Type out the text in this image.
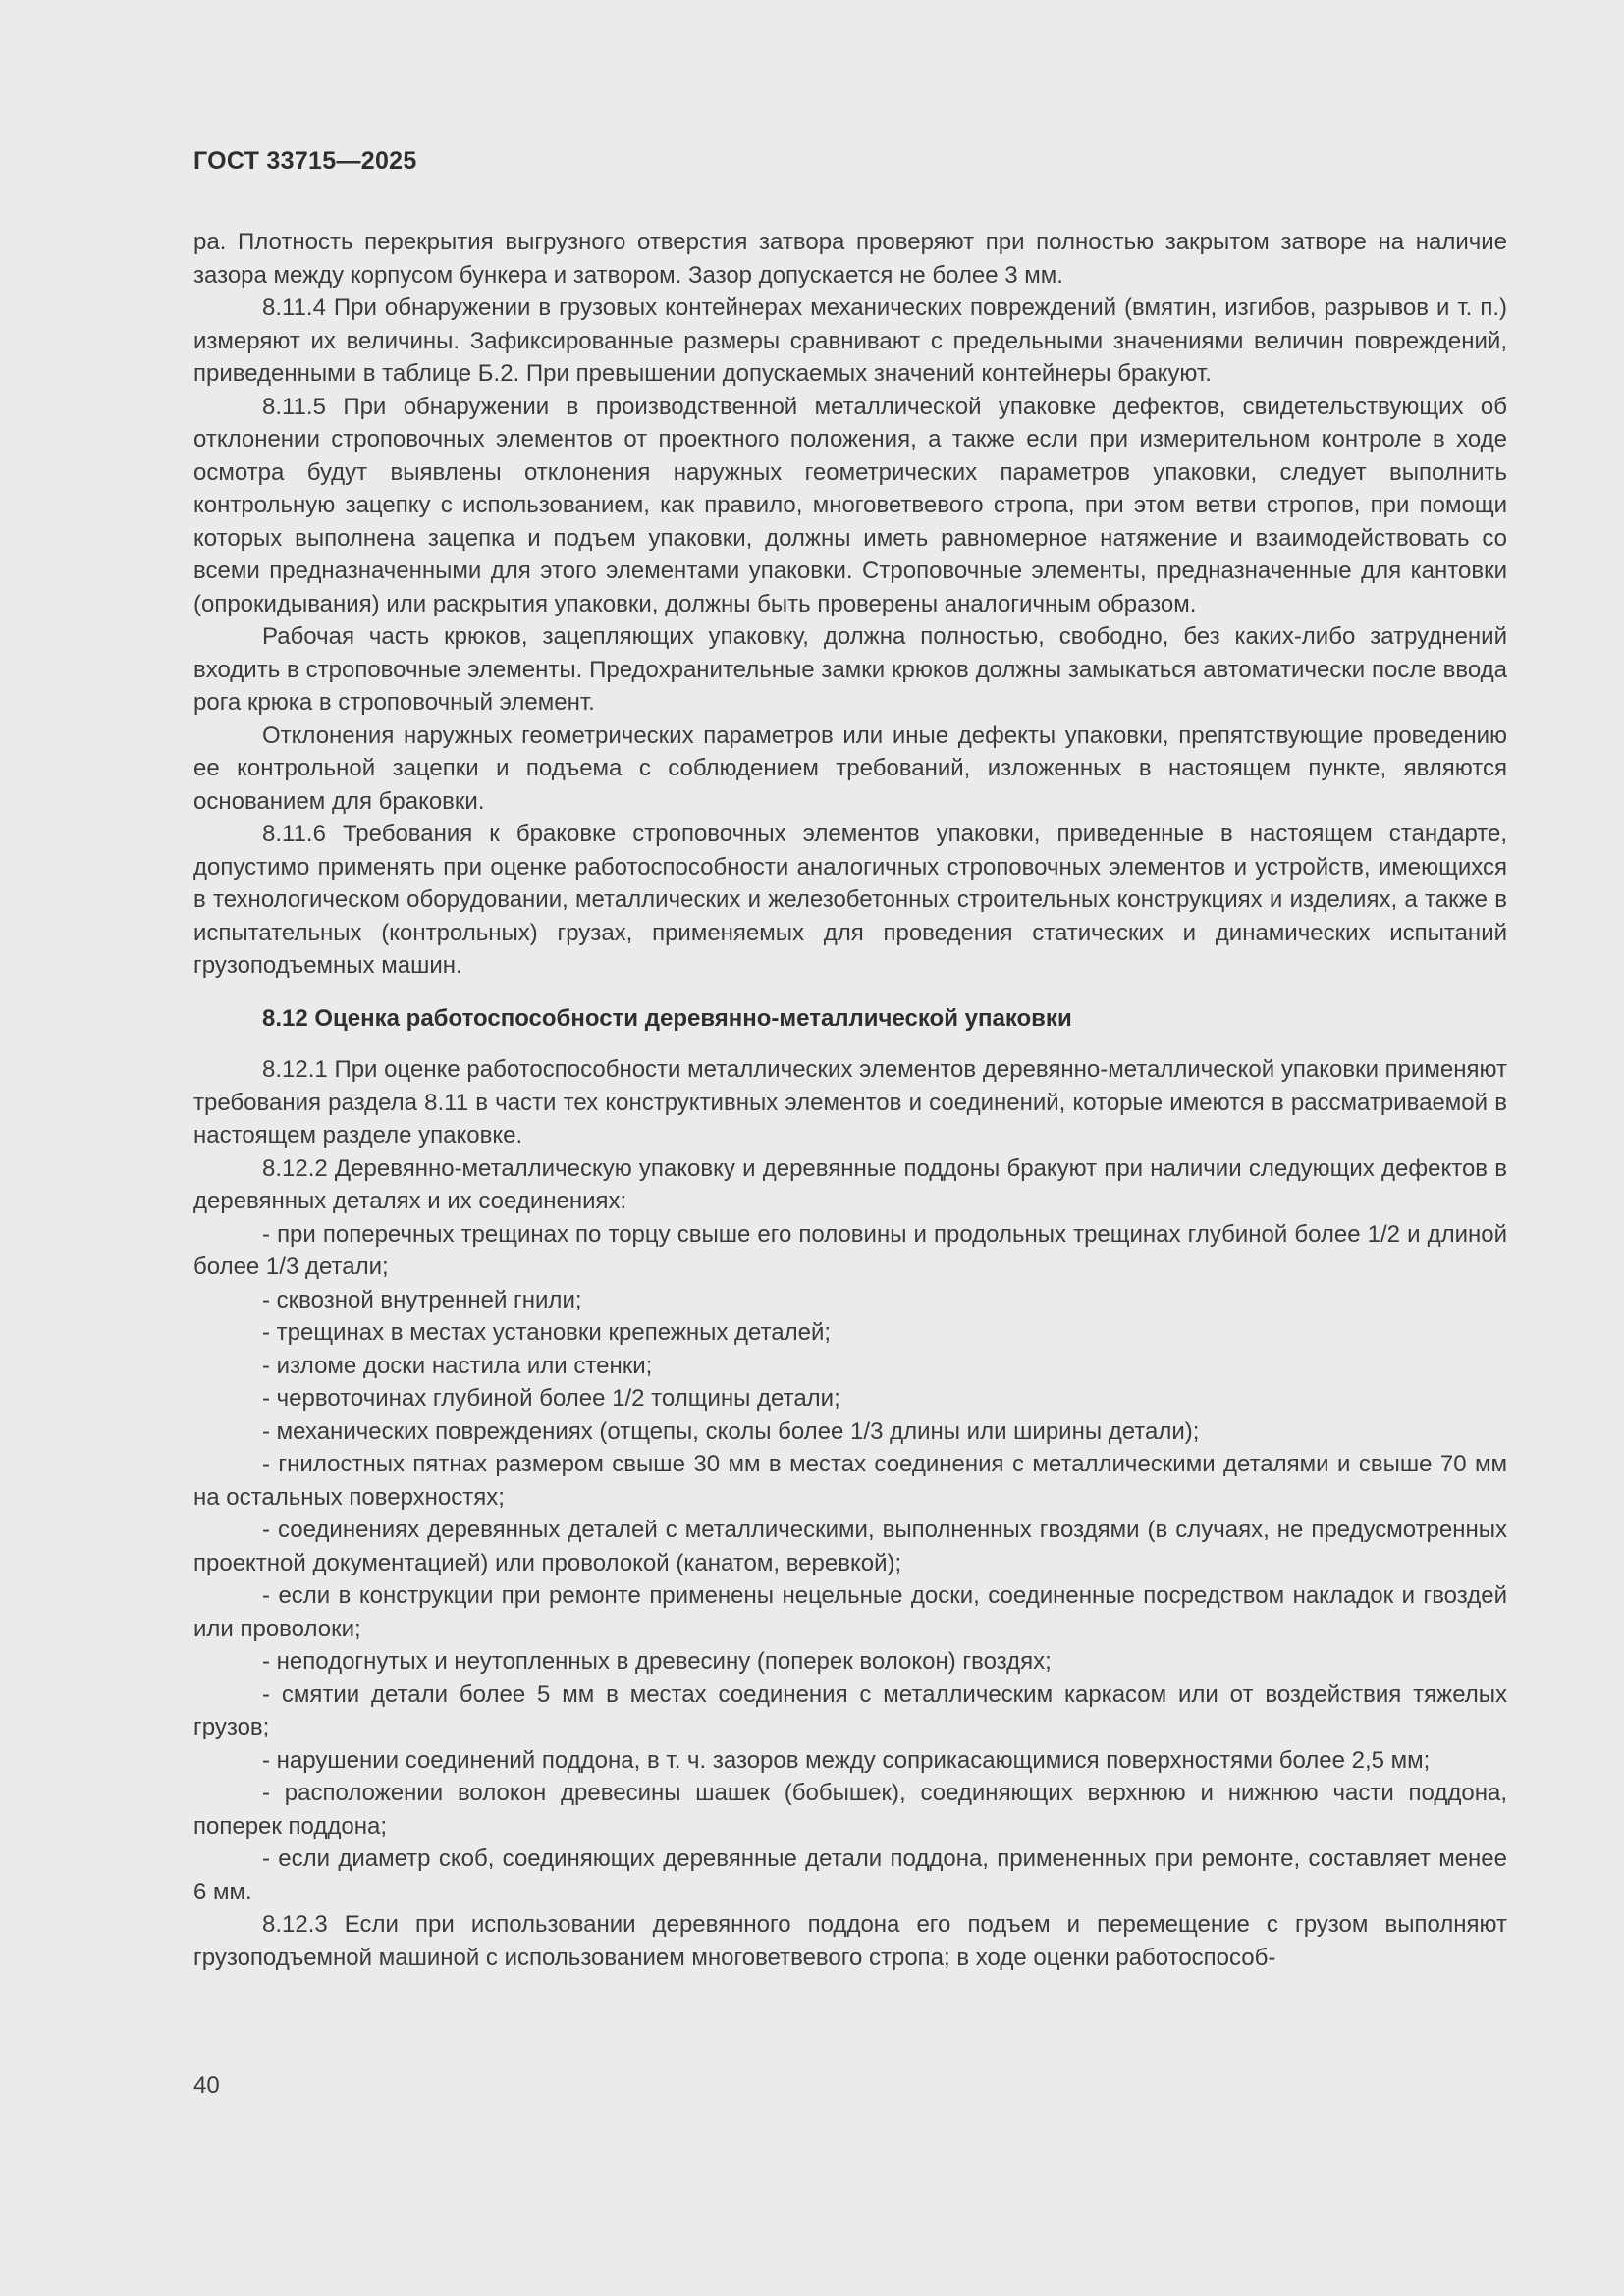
ГОСТ 33715—2025

ра. Плотность перекрытия выгрузного отверстия затвора проверяют при полностью закрытом затворе на наличие зазора между корпусом бункера и затвором. Зазор допускается не более 3 мм.

8.11.4 При обнаружении в грузовых контейнерах механических повреждений (вмятин, изгибов, разрывов и т. п.) измеряют их величины. Зафиксированные размеры сравнивают с предельными значениями величин повреждений, приведенными в таблице Б.2. При превышении допускаемых значений контейнеры бракуют.

8.11.5 При обнаружении в производственной металлической упаковке дефектов, свидетельствующих об отклонении строповочных элементов от проектного положения, а также если при измерительном контроле в ходе осмотра будут выявлены отклонения наружных геометрических параметров упаковки, следует выполнить контрольную зацепку с использованием, как правило, многоветвевого стропа, при этом ветви стропов, при помощи которых выполнена зацепка и подъем упаковки, должны иметь равномерное натяжение и взаимодействовать со всеми предназначенными для этого элементами упаковки. Строповочные элементы, предназначенные для кантовки (опрокидывания) или раскрытия упаковки, должны быть проверены аналогичным образом.

Рабочая часть крюков, зацепляющих упаковку, должна полностью, свободно, без каких-либо затруднений входить в строповочные элементы. Предохранительные замки крюков должны замыкаться автоматически после ввода рога крюка в строповочный элемент.

Отклонения наружных геометрических параметров или иные дефекты упаковки, препятствующие проведению ее контрольной зацепки и подъема с соблюдением требований, изложенных в настоящем пункте, являются основанием для браковки.

8.11.6 Требования к браковке строповочных элементов упаковки, приведенные в настоящем стандарте, допустимо применять при оценке работоспособности аналогичных строповочных элементов и устройств, имеющихся в технологическом оборудовании, металлических и железобетонных строительных конструкциях и изделиях, а также в испытательных (контрольных) грузах, применяемых для проведения статических и динамических испытаний грузоподъемных машин.

8.12 Оценка работоспособности деревянно-металлической упаковки

8.12.1 При оценке работоспособности металлических элементов деревянно-металлической упаковки применяют требования раздела 8.11 в части тех конструктивных элементов и соединений, которые имеются в рассматриваемой в настоящем разделе упаковке.

8.12.2 Деревянно-металлическую упаковку и деревянные поддоны бракуют при наличии следующих дефектов в деревянных деталях и их соединениях:

- при поперечных трещинах по торцу свыше его половины и продольных трещинах глубиной более 1/2 и длиной более 1/3 детали;

- сквозной внутренней гнили;

- трещинах в местах установки крепежных деталей;

- изломе доски настила или стенки;

- червоточинах глубиной более 1/2 толщины детали;

- механических повреждениях (отщепы, сколы более 1/3 длины или ширины детали);

- гнилостных пятнах размером свыше 30 мм в местах соединения с металлическими деталями и свыше 70 мм на остальных поверхностях;

- соединениях деревянных деталей с металлическими, выполненных гвоздями (в случаях, не предусмотренных проектной документацией) или проволокой (канатом, веревкой);

- если в конструкции при ремонте применены нецельные доски, соединенные посредством накладок и гвоздей или проволоки;

- неподогнутых и неутопленных в древесину (поперек волокон) гвоздях;

- смятии детали более 5 мм в местах соединения с металлическим каркасом или от воздействия тяжелых грузов;

- нарушении соединений поддона, в т. ч. зазоров между соприкасающимися поверхностями более 2,5 мм;

- расположении волокон древесины шашек (бобышек), соединяющих верхнюю и нижнюю части поддона, поперек поддона;

- если диаметр скоб, соединяющих деревянные детали поддона, примененных при ремонте, составляет менее 6 мм.

8.12.3 Если при использовании деревянного поддона его подъем и перемещение с грузом выполняют грузоподъемной машиной с использованием многоветвевого стропа; в ходе оценки работоспособ-

40
